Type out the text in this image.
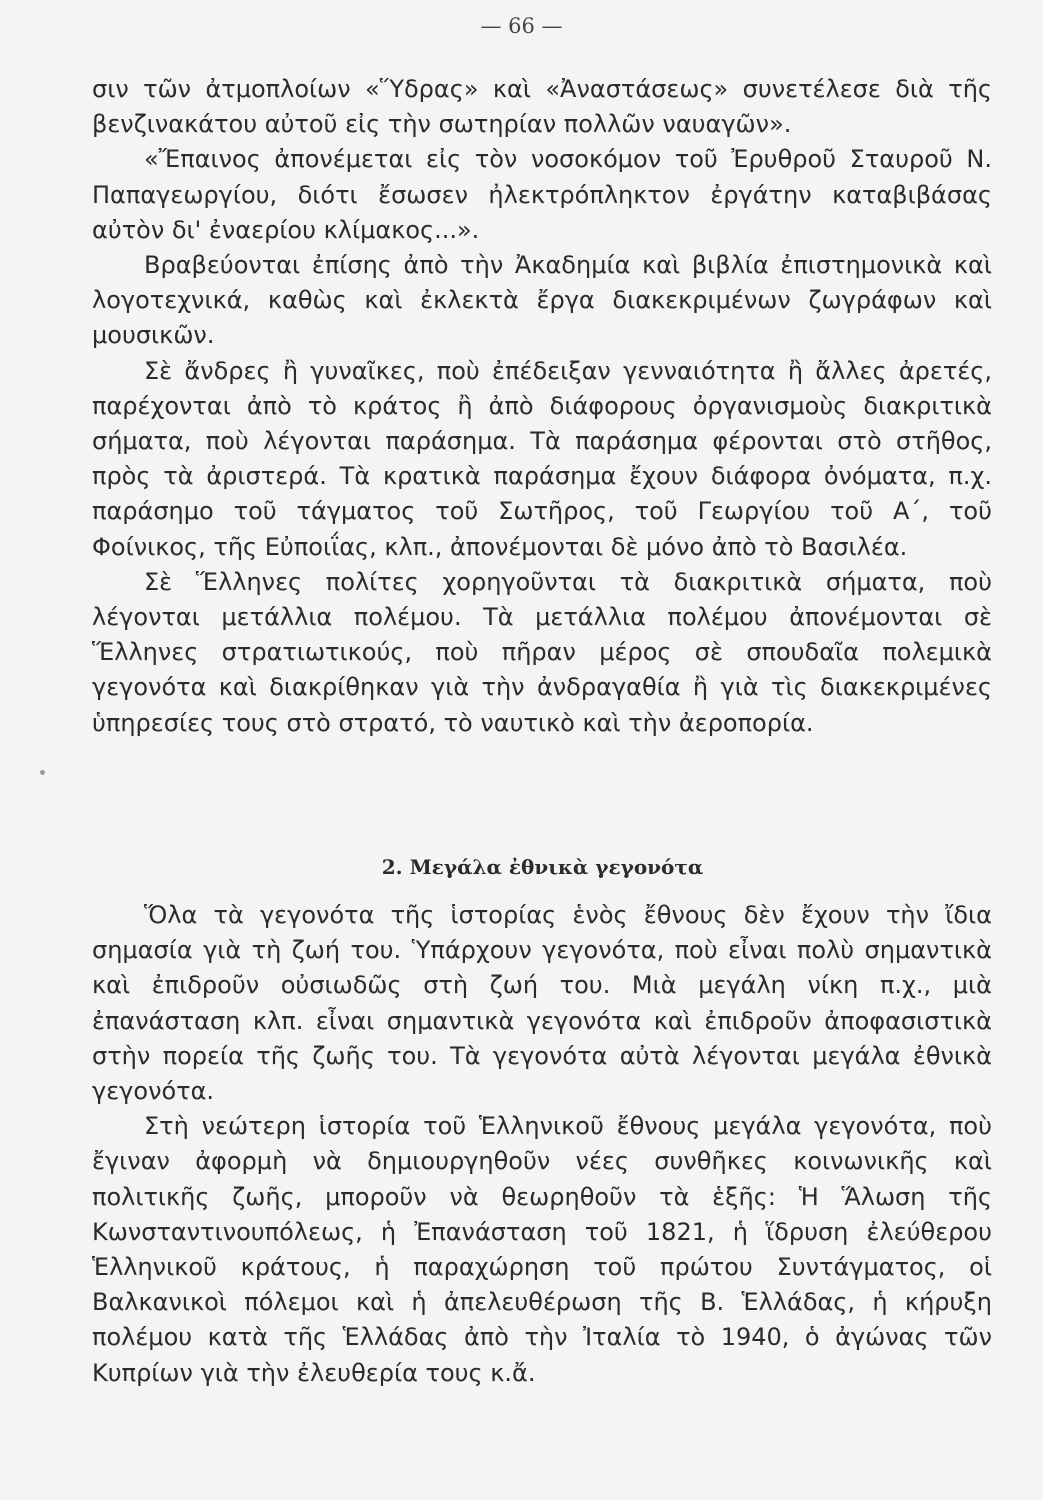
— 66 —

σιν τῶν ἀτμοπλοίων «Ὕδρας» καὶ «Ἀναστάσεως» συνετέλεσε διὰ τῆς βενζινακάτου αὐτοῦ εἰς τὴν σωτηρίαν πολλῶν ναυαγῶν».

«Ἔπαινος ἀπονέμεται εἰς τὸν νοσοκόμον τοῦ Ἐρυθροῦ Σταυροῦ Ν. Παπαγεωργίου, διότι ἔσωσεν ἠλεκτρόπληκτον ἐργάτην καταβιβάσας αὐτὸν δι' ἐναερίου κλίμακος...».

Βραβεύονται ἐπίσης ἀπὸ τὴν Ἀκαδημία καὶ βιβλία ἐπιστημονικὰ καὶ λογοτεχνικά, καθὼς καὶ ἐκλεκτὰ ἔργα διακεκριμένων ζωγράφων καὶ μουσικῶν.

Σὲ ἄνδρες ἢ γυναῖκες, ποὺ ἐπέδειξαν γενναιότητα ἢ ἄλλες ἀρετές, παρέχονται ἀπὸ τὸ κράτος ἢ ἀπὸ διάφορους ὀργανισμοὺς διακριτικὰ σήματα, ποὺ λέγονται παράσημα. Τὰ παράσημα φέρονται στὸ στῆθος, πρὸς τὰ ἀριστερά. Τὰ κρατικὰ παράσημα ἔχουν διάφορα ὀνόματα, π.χ. παράσημο τοῦ τάγματος τοῦ Σωτῆρος, τοῦ Γεωργίου τοῦ Α΄, τοῦ Φοίνικος, τῆς Εὐποιΐας, κλπ., ἀπονέμονται δὲ μόνο ἀπὸ τὸ Βασιλέα.

Σὲ Ἕλληνες πολίτες χορηγοῦνται τὰ διακριτικὰ σήματα, ποὺ λέγονται μετάλλια πολέμου. Τὰ μετάλλια πολέμου ἀπονέμονται σὲ Ἕλληνες στρατιωτικούς, ποὺ πῆραν μέρος σὲ σπουδαῖα πολεμικὰ γεγονότα καὶ διακρίθηκαν γιὰ τὴν ἀνδραγαθία ἢ γιὰ τὶς διακεκριμένες ὑπηρεσίες τους στὸ στρατό, τὸ ναυτικὸ καὶ τὴν ἀεροπορία.

2. Μεγάλα ἐθνικὰ γεγονότα

Ὅλα τὰ γεγονότα τῆς ἱστορίας ἑνὸς ἔθνους δὲν ἔχουν τὴν ἴδια σημασία γιὰ τὴ ζωή του. Ὑπάρχουν γεγονότα, ποὺ εἶναι πολὺ σημαντικὰ καὶ ἐπιδροῦν οὐσιωδῶς στὴ ζωή του. Μιὰ μεγάλη νίκη π.χ., μιὰ ἐπανάσταση κλπ. εἶναι σημαντικὰ γεγονότα καὶ ἐπιδροῦν ἀποφασιστικὰ στὴν πορεία τῆς ζωῆς του. Τὰ γεγονότα αὐτὰ λέγονται μεγάλα ἐθνικὰ γεγονότα.

Στὴ νεώτερη ἱστορία τοῦ Ἑλληνικοῦ ἔθνους μεγάλα γεγονότα, ποὺ ἔγιναν ἀφορμὴ νὰ δημιουργηθοῦν νέες συνθῆκες κοινωνικῆς καὶ πολιτικῆς ζωῆς, μποροῦν νὰ θεωρηθοῦν τὰ ἑξῆς: Ἡ Ἅλωση τῆς Κωνσταντινουπόλεως, ἡ Ἐπανάσταση τοῦ 1821, ἡ ἵδρυση ἐλεύθερου Ἑλληνικοῦ κράτους, ἡ παραχώρηση τοῦ πρώτου Συντάγματος, οἱ Βαλκανικοὶ πόλεμοι καὶ ἡ ἀπελευθέρωση τῆς Β. Ἑλλάδας, ἡ κήρυξη πολέμου κατὰ τῆς Ἑλλάδας ἀπὸ τὴν Ἰταλία τὸ 1940, ὁ ἀγώνας τῶν Κυπρίων γιὰ τὴν ἐλευθερία τους κ.ἄ.
